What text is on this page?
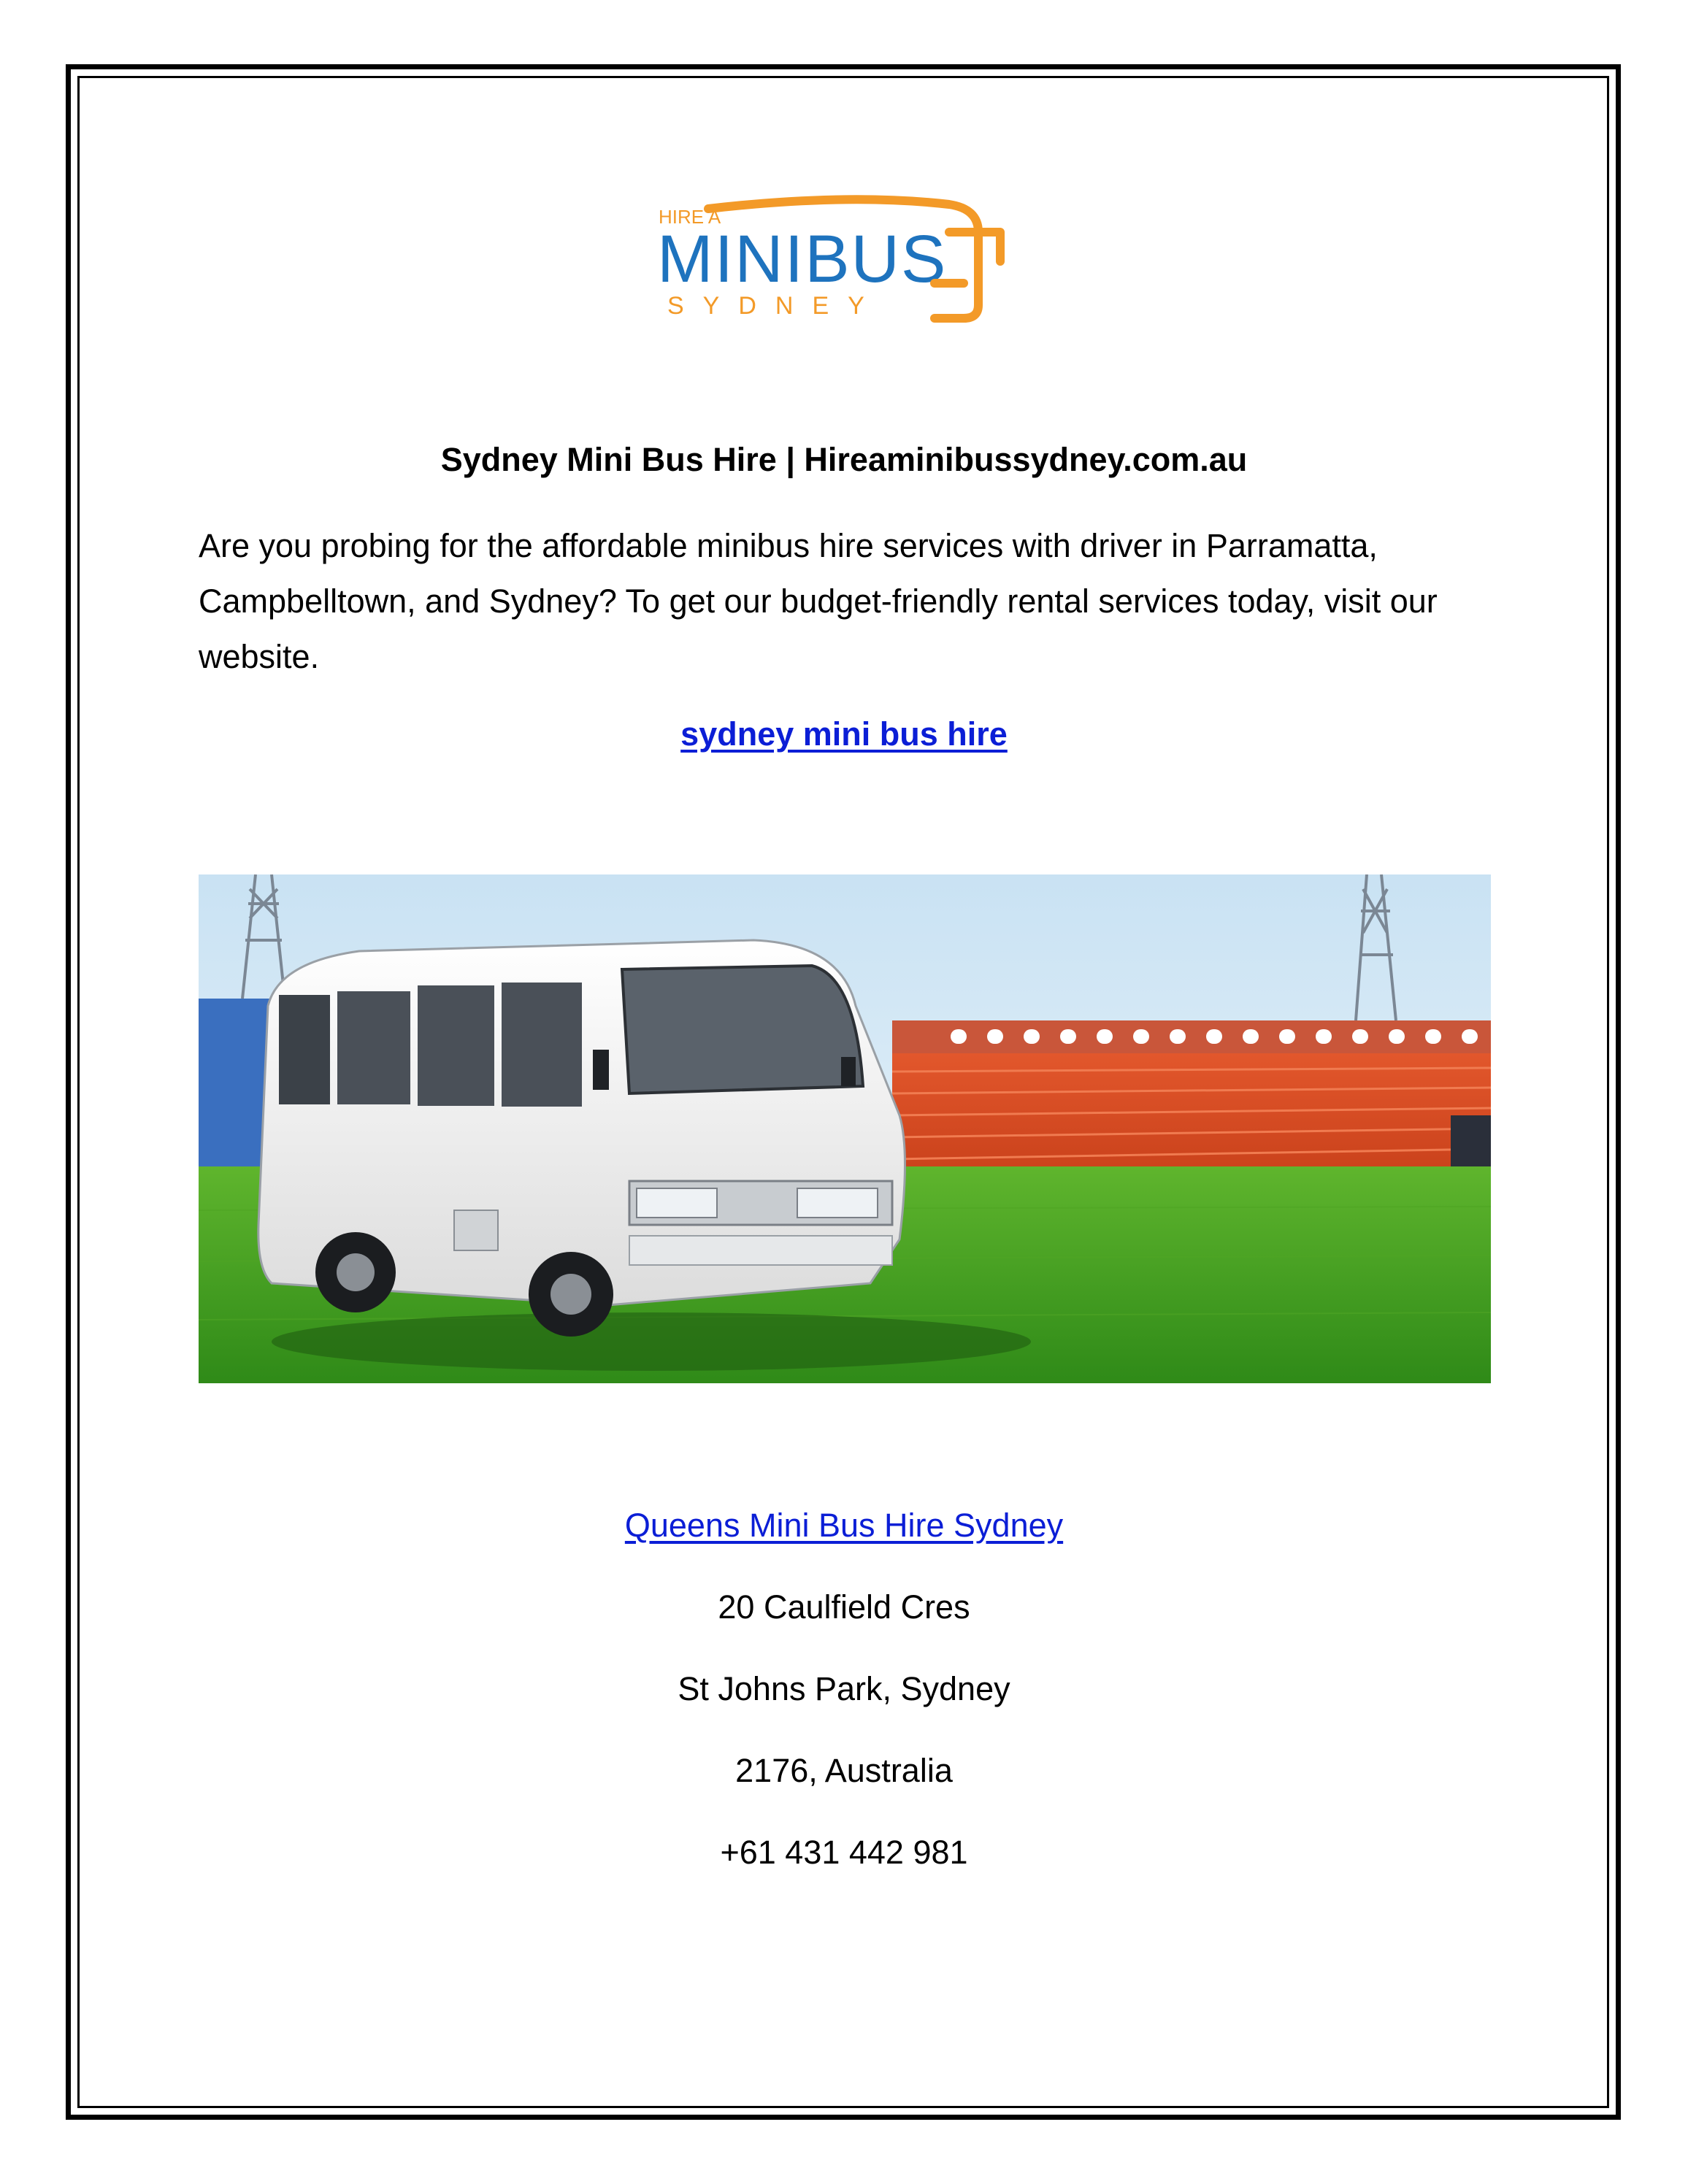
HIRE A
MINIBUS
SYDNEY
Sydney Mini Bus Hire | Hireaminibussydney.com.au

Are you probing for the affordable minibus hire services with driver in Parramatta, Campbelltown, and Sydney? To get our budget-friendly rental services today, visit our website.

sydney mini bus hire
Queens Mini Bus Hire Sydney
20 Caulfield Cres
St Johns Park, Sydney
2176, Australia
+61 431 442 981
